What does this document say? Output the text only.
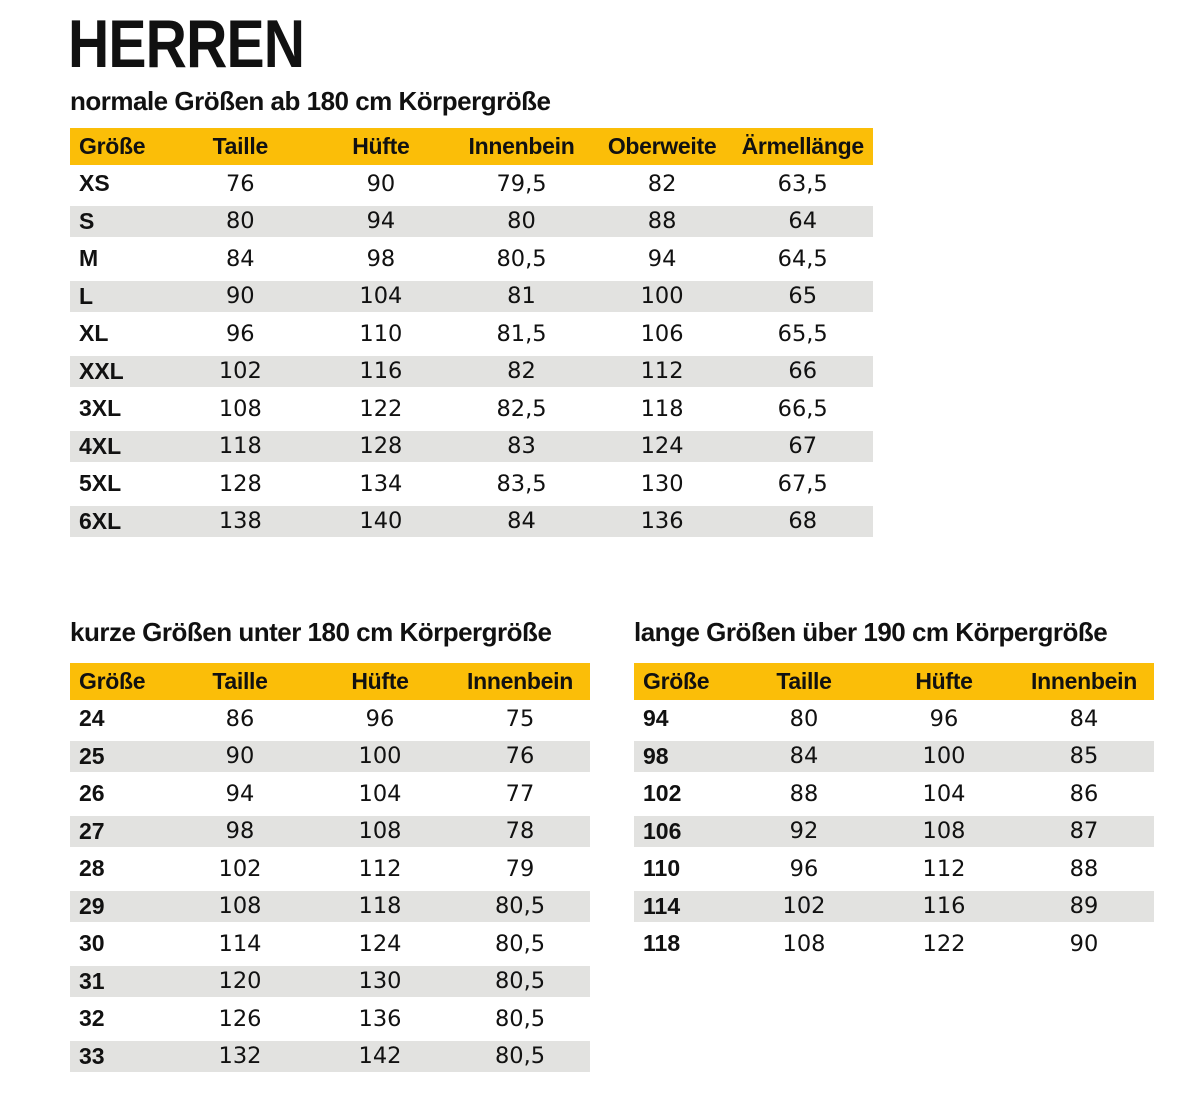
HERREN
normale Größen ab 180 cm Körpergröße
Größe	Taille	Hüfte	Innenbein	Oberweite	Ärmellänge
XS	76	90	79,5	82	63,5
S	80	94	80	88	64
M	84	98	80,5	94	64,5
L	90	104	81	100	65
XL	96	110	81,5	106	65,5
XXL	102	116	82	112	66
3XL	108	122	82,5	118	66,5
4XL	118	128	83	124	67
5XL	128	134	83,5	130	67,5
6XL	138	140	84	136	68
kurze Größen unter 180 cm Körpergröße
Größe	Taille	Hüfte	Innenbein
24	86	96	75
25	90	100	76
26	94	104	77
27	98	108	78
28	102	112	79
29	108	118	80,5
30	114	124	80,5
31	120	130	80,5
32	126	136	80,5
33	132	142	80,5
lange Größen über 190 cm Körpergröße
Größe	Taille	Hüfte	Innenbein
94	80	96	84
98	84	100	85
102	88	104	86
106	92	108	87
110	96	112	88
114	102	116	89
118	108	122	90
